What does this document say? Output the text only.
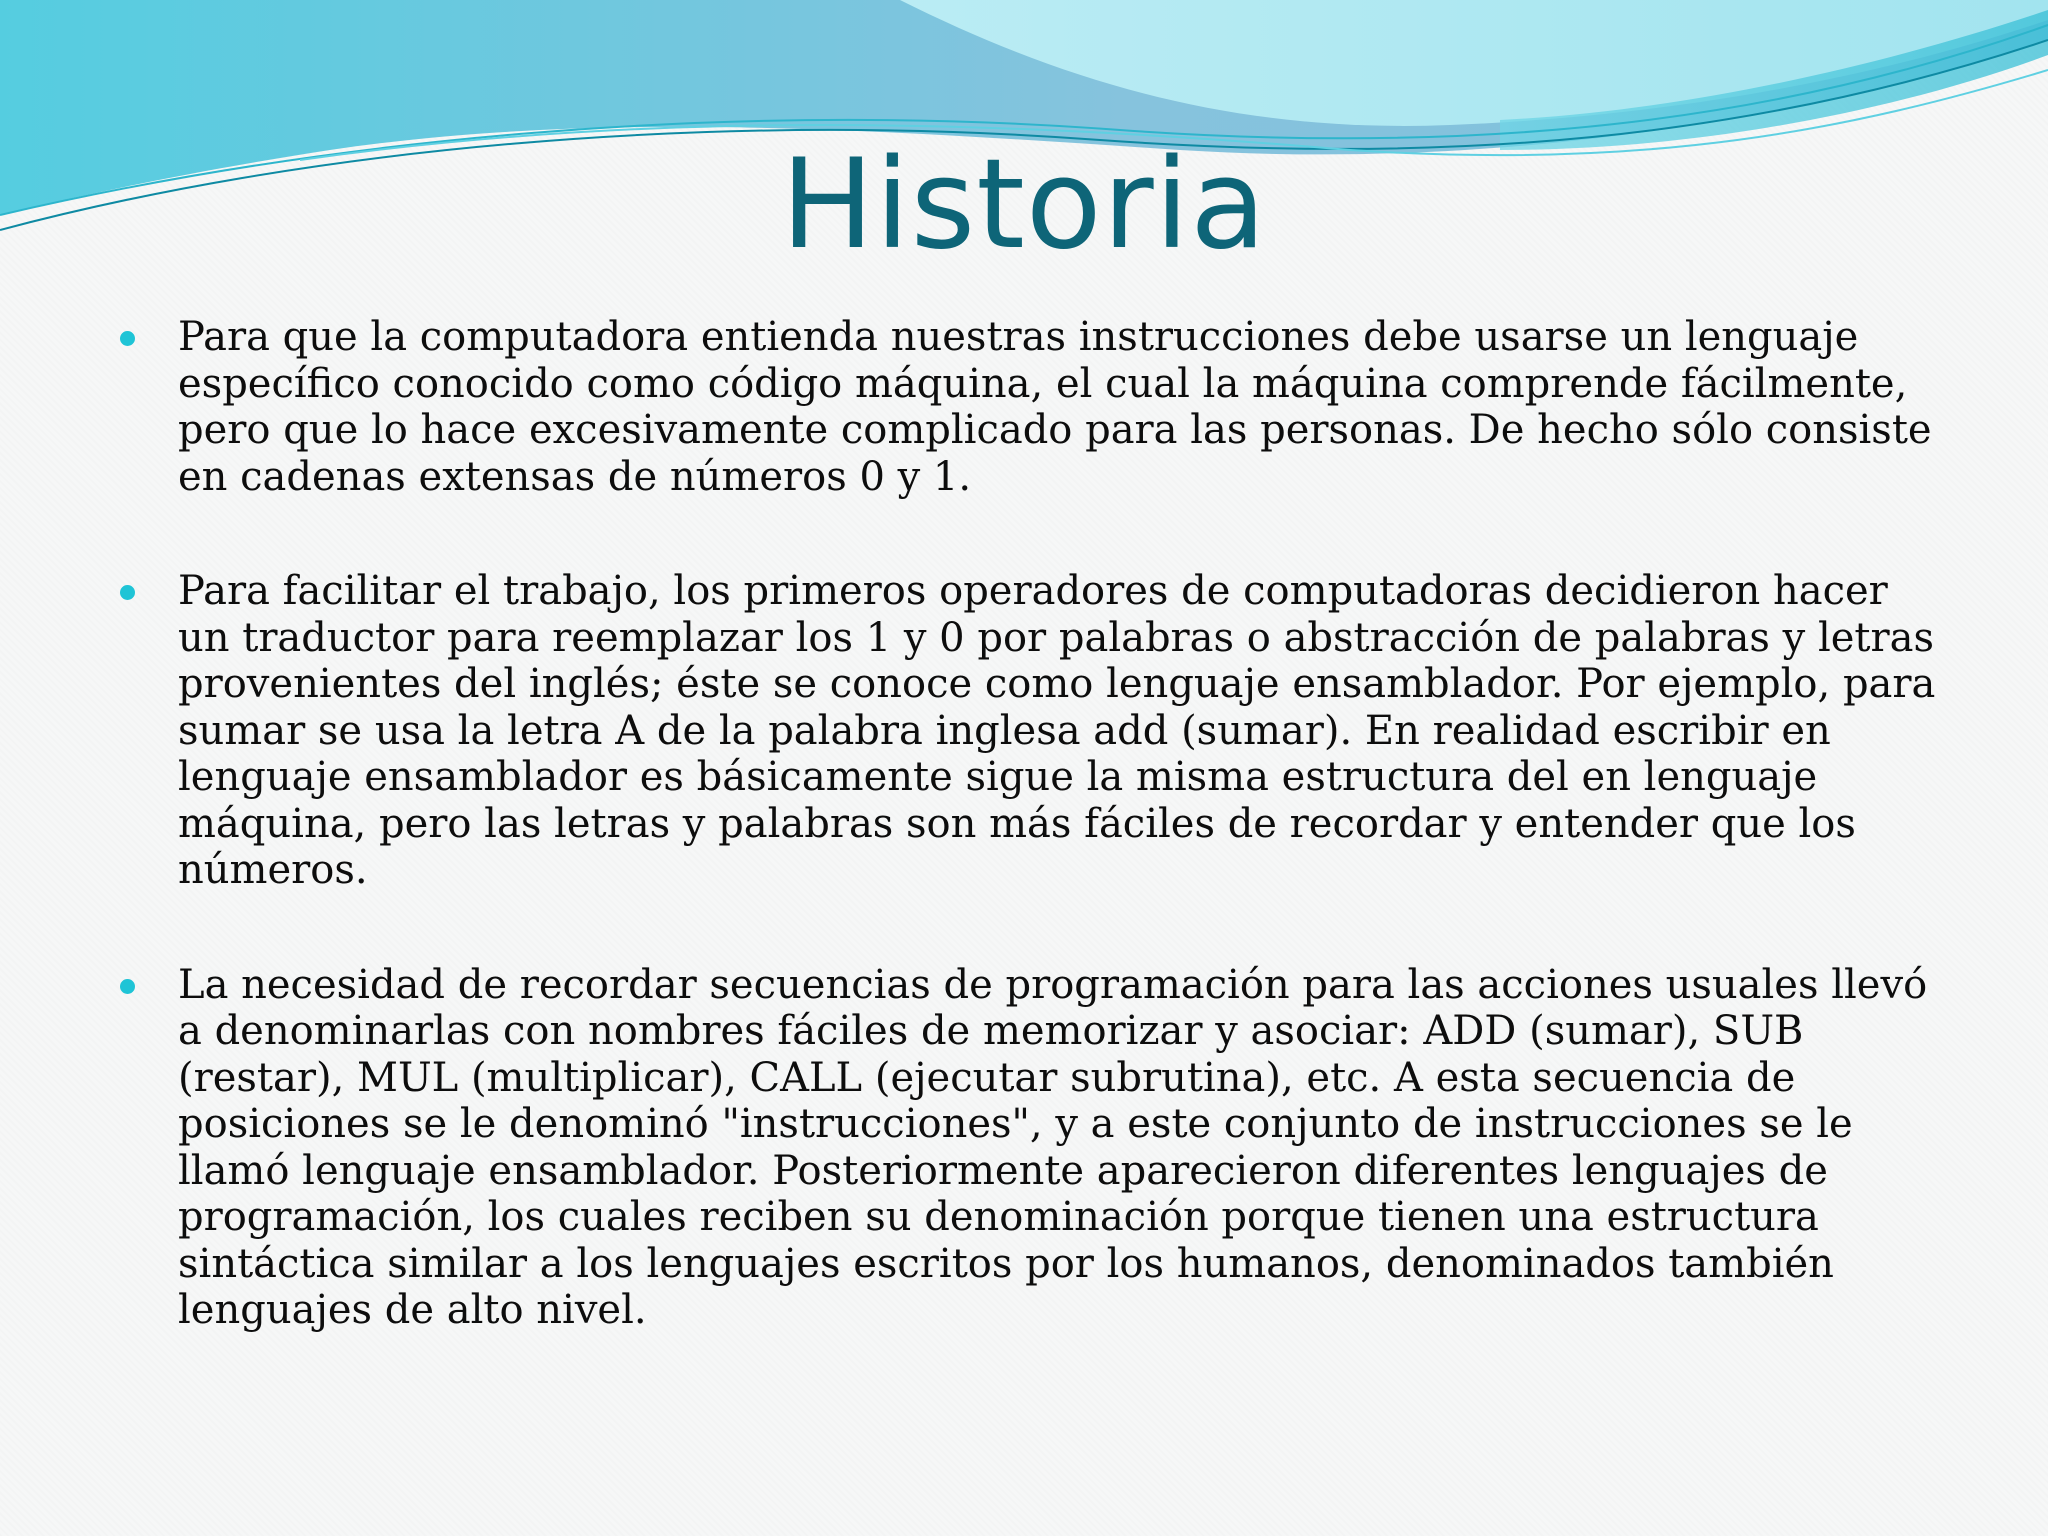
Historia
Para que la computadora entienda nuestras instrucciones debe usarse un lenguaje específico conocido como código máquina, el cual la máquina comprende fácilmente, pero que lo hace excesivamente complicado para las personas. De hecho sólo consiste en cadenas extensas de números 0 y 1.
Para facilitar el trabajo, los primeros operadores de computadoras decidieron hacer un traductor para reemplazar los 1 y 0 por palabras o abstracción de palabras y letras provenientes del inglés; éste se conoce como lenguaje ensamblador. Por ejemplo, para sumar se usa la letra A de la palabra inglesa add (sumar). En realidad escribir en lenguaje ensamblador es básicamente sigue la misma estructura del en lenguaje máquina, pero las letras y palabras son más fáciles de recordar y entender que los números.
La necesidad de recordar secuencias de programación para las acciones usuales llevó a denominarlas con nombres fáciles de memorizar y asociar: ADD (sumar), SUB (restar), MUL (multiplicar), CALL (ejecutar subrutina), etc. A esta secuencia de posiciones se le denominó "instrucciones", y a este conjunto de instrucciones se le llamó lenguaje ensamblador. Posteriormente aparecieron diferentes lenguajes de programación, los cuales reciben su denominación porque tienen una estructura sintáctica similar a los lenguajes escritos por los humanos, denominados también lenguajes de alto nivel.
